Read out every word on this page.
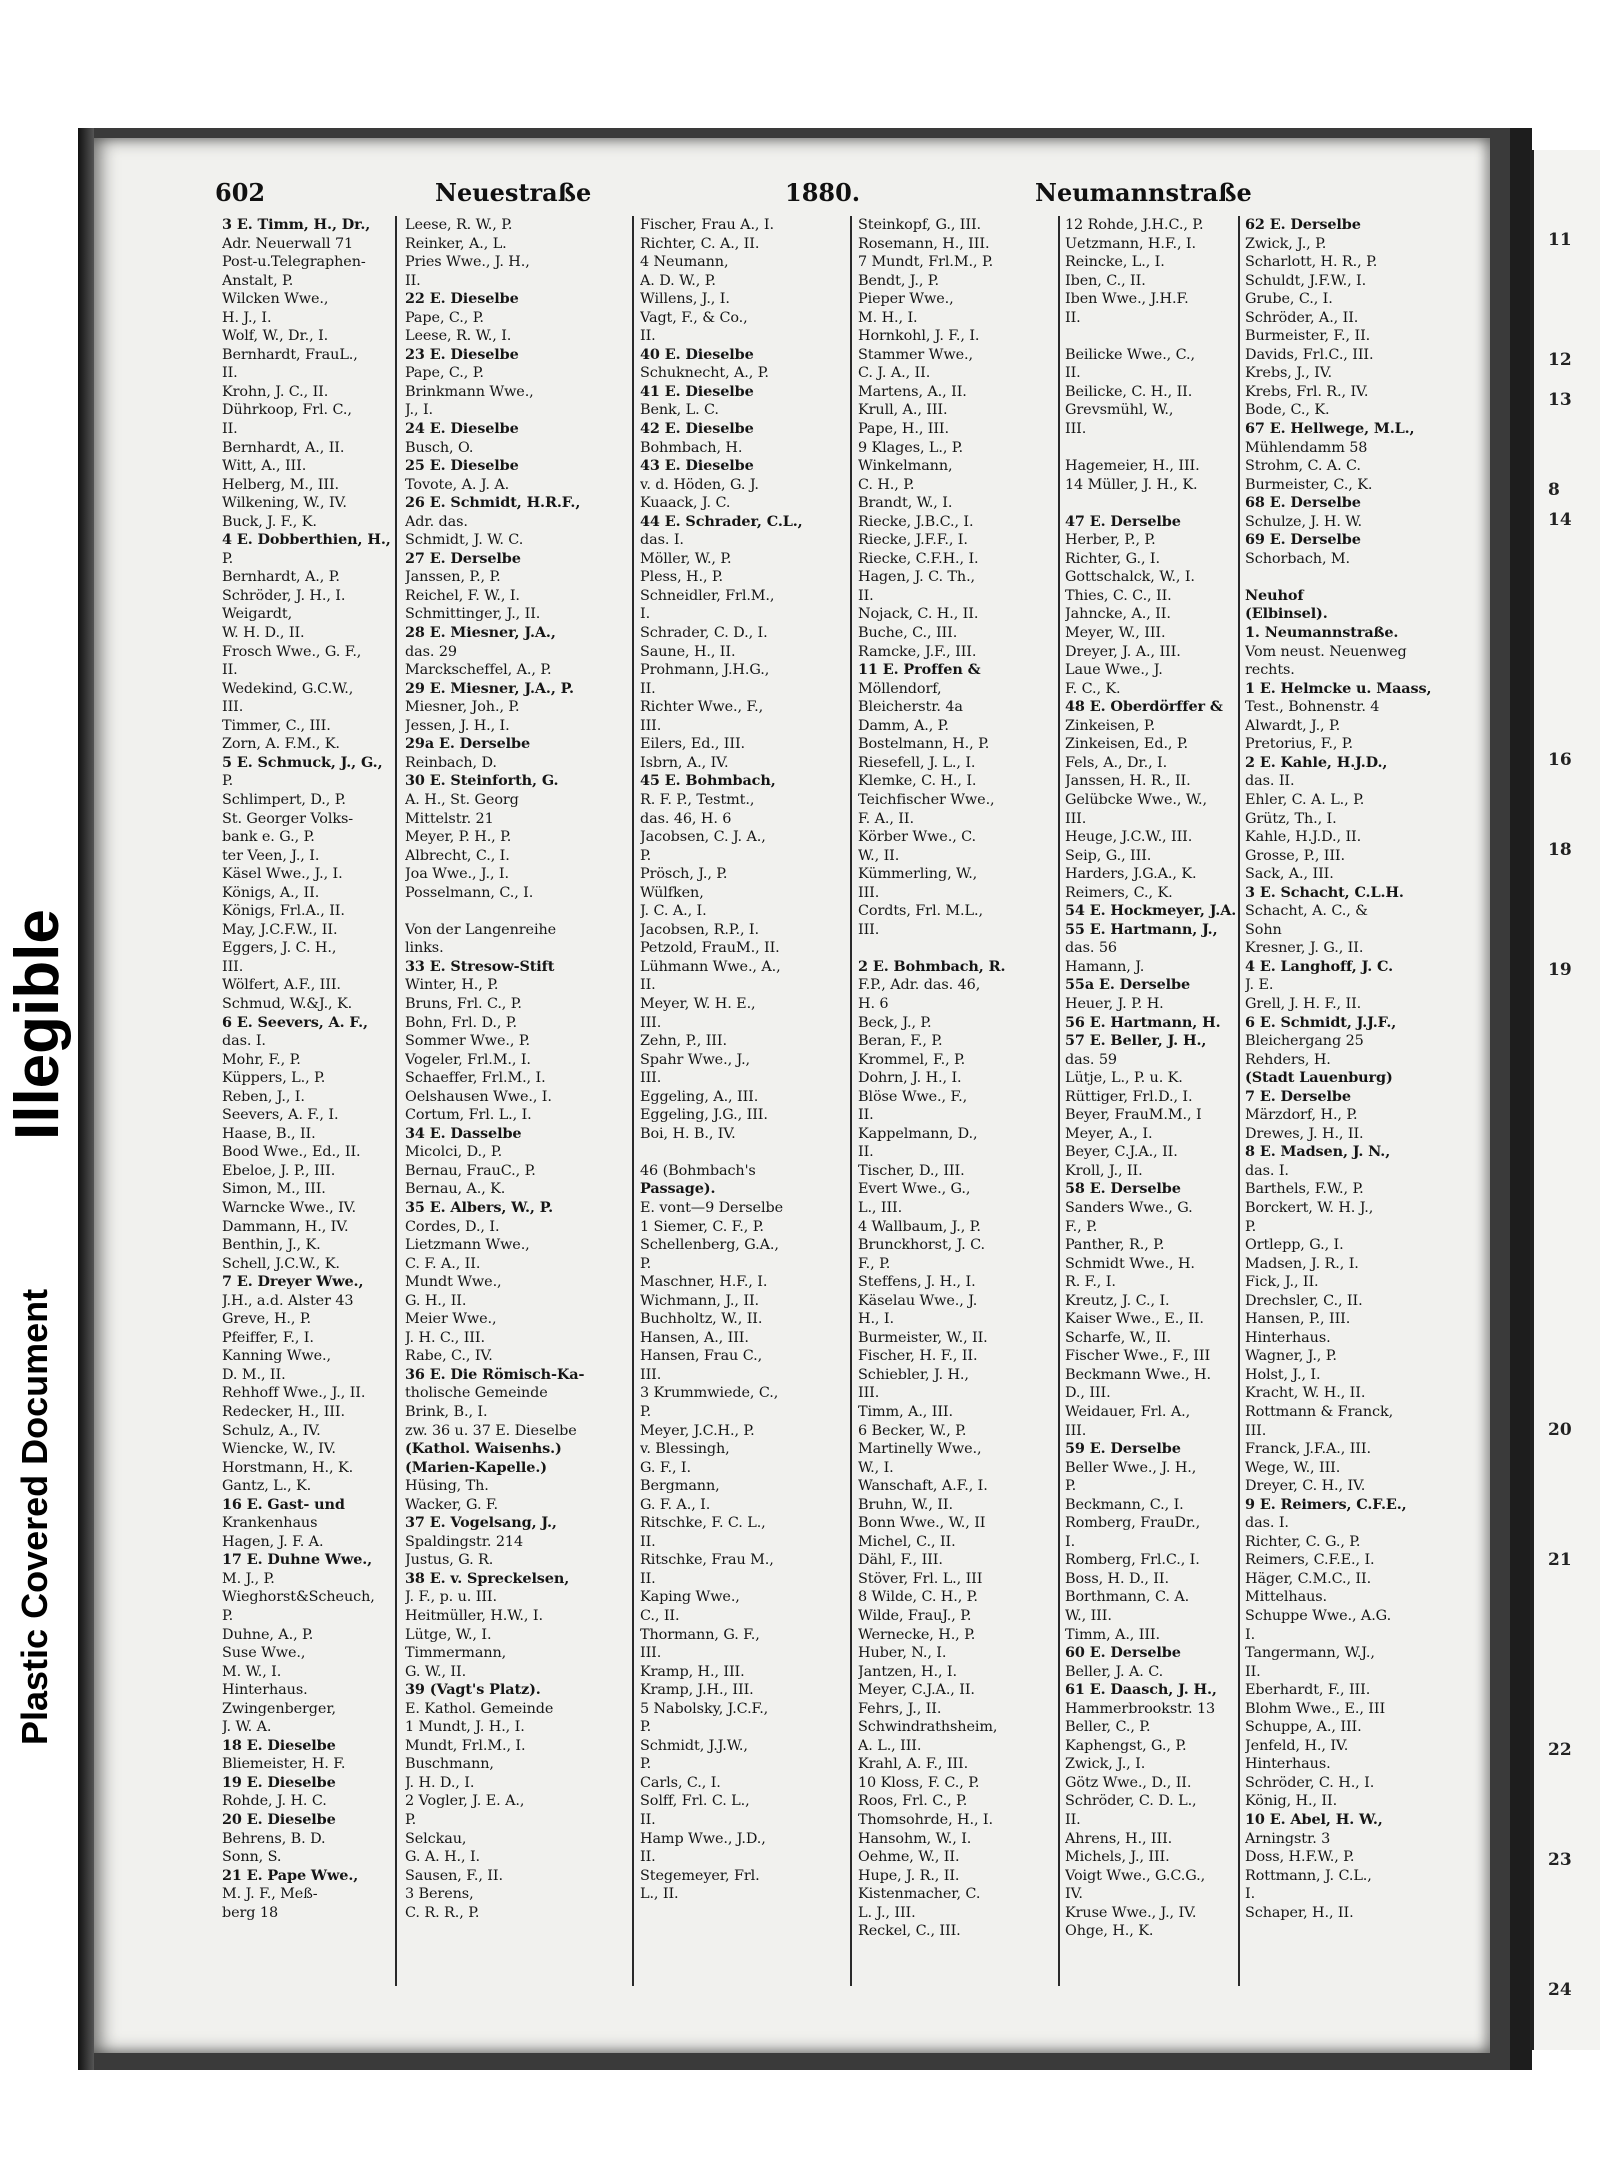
Illegible
Plastic Covered Document
11
12
13
8
14
16
18
19
20
21
22
23
24
602	Neuestraße	1880.	Neumannstraße
3 E. Timm, H., Dr.,
Adr. Neuerwall 71
Post-u.Telegraphen-
Anstalt, P.
Wilcken Wwe.,
H. J., I.
Wolf, W., Dr., I.
Bernhardt, FrauL.,
II.
Krohn, J. C., II.
Dührkoop, Frl. C.,
II.
Bernhardt, A., II.
Witt, A., III.
Helberg, M., III.
Wilkening, W., IV.
Buck, J. F., K.
4 E. Dobberthien, H.,
P.
Bernhardt, A., P.
Schröder, J. H., I.
Weigardt,
W. H. D., II.
Frosch Wwe., G. F.,
II.
Wedekind, G.C.W.,
III.
Timmer, C., III.
Zorn, A. F.M., K.
5 E. Schmuck, J., G.,
P.
Schlimpert, D., P.
St. Georger Volks-
bank e. G., P.
ter Veen, J., I.
Käsel Wwe., J., I.
Königs, A., II.
Königs, Frl.A., II.
May, J.C.F.W., II.
Eggers, J. C. H.,
III.
Wölfert, A.F., III.
Schmud, W.&J., K.
6 E. Seevers, A. F.,
das. I.
Mohr, F., P.
Küppers, L., P.
Reben, J., I.
Seevers, A. F., I.
Haase, B., II.
Bood Wwe., Ed., II.
Ebeloe, J. P., III.
Simon, M., III.
Warncke Wwe., IV.
Dammann, H., IV.
Benthin, J., K.
Schell, J.C.W., K.
7 E. Dreyer Wwe.,
J.H., a.d. Alster 43
Greve, H., P.
Pfeiffer, F., I.
Kanning Wwe.,
D. M., II.
Rehhoff Wwe., J., II.
Redecker, H., III.
Schulz, A., IV.
Wiencke, W., IV.
Horstmann, H., K.
Gantz, L., K.
16 E. Gast- und
Krankenhaus
Hagen, J. F. A.
17 E. Duhne Wwe.,
M. J., P.
Wieghorst&Scheuch,
P.
Duhne, A., P.
Suse Wwe.,
M. W., I.
Hinterhaus.
Zwingenberger,
J. W. A.
18 E. Dieselbe
Bliemeister, H. F.
19 E. Dieselbe
Rohde, J. H. C.
20 E. Dieselbe
Behrens, B. D.
Sonn, S.
21 E. Pape Wwe.,
M. J. F., Meß-
berg 18
Leese, R. W., P.
Reinker, A., L.
Pries Wwe., J. H.,
II.
22 E. Dieselbe
Pape, C., P.
Leese, R. W., I.
23 E. Dieselbe
Pape, C., P.
Brinkmann Wwe.,
J., I.
24 E. Dieselbe
Busch, O.
25 E. Dieselbe
Tovote, A. J. A.
26 E. Schmidt, H.R.F.,
Adr. das.
Schmidt, J. W. C.
27 E. Derselbe
Janssen, P., P.
Reichel, F. W., I.
Schmittinger, J., II.
28 E. Miesner, J.A.,
das. 29
Marckscheffel, A., P.
29 E. Miesner, J.A., P.
Miesner, Joh., P.
Jessen, J. H., I.
29a E. Derselbe
Reinbach, D.
30 E. Steinforth, G.
A. H., St. Georg
Mittelstr. 21
Meyer, P. H., P.
Albrecht, C., I.
Joa Wwe., J., I.
Posselmann, C., I.
Von der Langenreihe
links.
33 E. Stresow-Stift
Winter, H., P.
Bruns, Frl. C., P.
Bohn, Frl. D., P.
Sommer Wwe., P.
Vogeler, Frl.M., I.
Schaeffer, Frl.M., I.
Oelshausen Wwe., I.
Cortum, Frl. L., I.
34 E. Dasselbe
Micolci, D., P.
Bernau, FrauC., P.
Bernau, A., K.
35 E. Albers, W., P.
Cordes, D., I.
Lietzmann Wwe.,
C. F. A., II.
Mundt Wwe.,
G. H., II.
Meier Wwe.,
J. H. C., III.
Rabe, C., IV.
36 E. Die Römisch-Ka-
tholische Gemeinde
Brink, B., I.
zw. 36 u. 37 E. Dieselbe
(Kathol. Waisenhs.)
(Marien-Kapelle.)
Hüsing, Th.
Wacker, G. F.
37 E. Vogelsang, J.,
Spaldingstr. 214
Justus, G. R.
38 E. v. Spreckelsen,
J. F., p. u. III.
Heitmüller, H.W., I.
Lütge, W., I.
Timmermann,
G. W., II.
39 (Vagt's Platz).
E. Kathol. Gemeinde
1 Mundt, J. H., I.
Mundt, Frl.M., I.
Buschmann,
J. H. D., I.
2 Vogler, J. E. A.,
P.
Selckau,
G. A. H., I.
Sausen, F., II.
3 Berens,
C. R. R., P.
Fischer, Frau A., I.
Richter, C. A., II.
4 Neumann,
A. D. W., P.
Willens, J., I.
Vagt, F., & Co.,
II.
40 E. Dieselbe
Schuknecht, A., P.
41 E. Dieselbe
Benk, L. C.
42 E. Dieselbe
Bohmbach, H.
43 E. Dieselbe
v. d. Höden, G. J.
Kuaack, J. C.
44 E. Schrader, C.L.,
das. I.
Möller, W., P.
Pless, H., P.
Schneidler, Frl.M.,
I.
Schrader, C. D., I.
Saune, H., II.
Prohmann, J.H.G.,
II.
Richter Wwe., F.,
III.
Eilers, Ed., III.
Isbrn, A., IV.
45 E. Bohmbach,
R. F. P., Testmt.,
das. 46, H. 6
Jacobsen, C. J. A.,
P.
Prösch, J., P.
Wülfken,
J. C. A., I.
Jacobsen, R.P., I.
Petzold, FrauM., II.
Lühmann Wwe., A.,
II.
Meyer, W. H. E.,
III.
Zehn, P., III.
Spahr Wwe., J.,
III.
Eggeling, A., III.
Eggeling, J.G., III.
Boi, H. B., IV.
46 (Bohmbach's
Passage).
E. vont—9 Derselbe
1 Siemer, C. F., P.
Schellenberg, G.A.,
P.
Maschner, H.F., I.
Wichmann, J., II.
Buchholtz, W., II.
Hansen, A., III.
Hansen, Frau C.,
III.
3 Krummwiede, C.,
P.
Meyer, J.C.H., P.
v. Blessingh,
G. F., I.
Bergmann,
G. F. A., I.
Ritschke, F. C. L.,
II.
Ritschke, Frau M.,
II.
Kaping Wwe.,
C., II.
Thormann, G. F.,
III.
Kramp, H., III.
Kramp, J.H., III.
5 Nabolsky, J.C.F.,
P.
Schmidt, J.J.W.,
P.
Carls, C., I.
Solff, Frl. C. L.,
II.
Hamp Wwe., J.D.,
II.
Stegemeyer, Frl.
L., II.
Steinkopf, G., III.
Rosemann, H., III.
7 Mundt, Frl.M., P.
Bendt, J., P.
Pieper Wwe.,
M. H., I.
Hornkohl, J. F., I.
Stammer Wwe.,
C. J. A., II.
Martens, A., II.
Krull, A., III.
Pape, H., III.
9 Klages, L., P.
Winkelmann,
C. H., P.
Brandt, W., I.
Riecke, J.B.C., I.
Riecke, J.F.F., I.
Riecke, C.F.H., I.
Hagen, J. C. Th.,
II.
Nojack, C. H., II.
Buche, C., III.
Ramcke, J.F., III.
11 E. Proffen &
Möllendorf,
Bleicherstr. 4a
Damm, A., P.
Bostelmann, H., P.
Riesefell, J. L., I.
Klemke, C. H., I.
Teichfischer Wwe.,
F. A., II.
Körber Wwe., C.
W., II.
Kümmerling, W.,
III.
Cordts, Frl. M.L.,
III.
2 E. Bohmbach, R.
F.P., Adr. das. 46,
H. 6
Beck, J., P.
Beran, F., P.
Krommel, F., P.
Dohrn, J. H., I.
Blöse Wwe., F.,
II.
Kappelmann, D.,
II.
Tischer, D., III.
Evert Wwe., G.,
L., III.
4 Wallbaum, J., P.
Brunckhorst, J. C.
F., P.
Steffens, J. H., I.
Käselau Wwe., J.
H., I.
Burmeister, W., II.
Fischer, H. F., II.
Schiebler, J. H.,
III.
Timm, A., III.
6 Becker, W., P.
Martinelly Wwe.,
W., I.
Wanschaft, A.F., I.
Bruhn, W., II.
Bonn Wwe., W., II
Michel, C., II.
Dähl, F., III.
Stöver, Frl. L., III
8 Wilde, C. H., P.
Wilde, FrauJ., P.
Wernecke, H., P.
Huber, N., I.
Jantzen, H., I.
Meyer, C.J.A., II.
Fehrs, J., II.
Schwindrathsheim,
A. L., III.
Krahl, A. F., III.
10 Kloss, F. C., P.
Roos, Frl. C., P.
Thomsohrde, H., I.
Hansohm, W., I.
Oehme, W., II.
Hupe, J. R., II.
Kistenmacher, C.
L. J., III.
Reckel, C., III.
12 Rohde, J.H.C., P.
Uetzmann, H.F., I.
Reincke, L., I.
Iben, C., II.
Iben Wwe., J.H.F.
II.
Beilicke Wwe., C.,
II.
Beilicke, C. H., II.
Grevsmühl, W.,
III.
Hagemeier, H., III.
14 Müller, J. H., K.
47 E. Derselbe
Herber, P., P.
Richter, G., I.
Gottschalck, W., I.
Thies, C. C., II.
Jahncke, A., II.
Meyer, W., III.
Dreyer, J. A., III.
Laue Wwe., J.
F. C., K.
48 E. Oberdörffer &
Zinkeisen, P.
Zinkeisen, Ed., P.
Fels, A., Dr., I.
Janssen, H. R., II.
Gelübcke Wwe., W.,
III.
Heuge, J.C.W., III.
Seip, G., III.
Harders, J.G.A., K.
Reimers, C., K.
54 E. Hockmeyer, J.A.
55 E. Hartmann, J.,
das. 56
Hamann, J.
55a E. Derselbe
Heuer, J. P. H.
56 E. Hartmann, H.
57 E. Beller, J. H.,
das. 59
Lütje, L., P. u. K.
Rüttiger, Frl.D., I.
Beyer, FrauM.M., I
Meyer, A., I.
Beyer, C.J.A., II.
Kroll, J., II.
58 E. Derselbe
Sanders Wwe., G.
F., P.
Panther, R., P.
Schmidt Wwe., H.
R. F., I.
Kreutz, J. C., I.
Kaiser Wwe., E., II.
Scharfe, W., II.
Fischer Wwe., F., III
Beckmann Wwe., H.
D., III.
Weidauer, Frl. A.,
III.
59 E. Derselbe
Beller Wwe., J. H.,
P.
Beckmann, C., I.
Romberg, FrauDr.,
I.
Romberg, Frl.C., I.
Boss, H. D., II.
Borthmann, C. A.
W., III.
Timm, A., III.
60 E. Derselbe
Beller, J. A. C.
61 E. Daasch, J. H.,
Hammerbrookstr. 13
Beller, C., P.
Kaphengst, G., P.
Zwick, J., I.
Götz Wwe., D., II.
Schröder, C. D. L.,
II.
Ahrens, H., III.
Michels, J., III.
Voigt Wwe., G.C.G.,
IV.
Kruse Wwe., J., IV.
Ohge, H., K.
62 E. Derselbe
Zwick, J., P.
Scharlott, H. R., P.
Schuldt, J.F.W., I.
Grube, C., I.
Schröder, A., II.
Burmeister, F., II.
Davids, Frl.C., III.
Krebs, J., IV.
Krebs, Frl. R., IV.
Bode, C., K.
67 E. Hellwege, M.L.,
Mühlendamm 58
Strohm, C. A. C.
Burmeister, C., K.
68 E. Derselbe
Schulze, J. H. W.
69 E. Derselbe
Schorbach, M.
Neuhof
(Elbinsel).
1. Neumannstraße.
Vom neust. Neuenweg
rechts.
1 E. Helmcke u. Maass,
Test., Bohnenstr. 4
Alwardt, J., P.
Pretorius, F., P.
2 E. Kahle, H.J.D.,
das. II.
Ehler, C. A. L., P.
Grütz, Th., I.
Kahle, H.J.D., II.
Grosse, P., III.
Sack, A., III.
3 E. Schacht, C.L.H.
Schacht, A. C., &
Sohn
Kresner, J. G., II.
4 E. Langhoff, J. C.
J. E.
Grell, J. H. F., II.
6 E. Schmidt, J.J.F.,
Bleichergang 25
Rehders, H.
(Stadt Lauenburg)
7 E. Derselbe
Märzdorf, H., P.
Drewes, J. H., II.
8 E. Madsen, J. N.,
das. I.
Barthels, F.W., P.
Borckert, W. H. J.,
P.
Ortlepp, G., I.
Madsen, J. R., I.
Fick, J., II.
Drechsler, C., II.
Hansen, P., III.
Hinterhaus.
Wagner, J., P.
Holst, J., I.
Kracht, W. H., II.
Rottmann & Franck,
III.
Franck, J.F.A., III.
Wege, W., III.
Dreyer, C. H., IV.
9 E. Reimers, C.F.E.,
das. I.
Richter, C. G., P.
Reimers, C.F.E., I.
Häger, C.M.C., II.
Mittelhaus.
Schuppe Wwe., A.G.
I.
Tangermann, W.J.,
II.
Eberhardt, F., III.
Blohm Wwe., E., III
Schuppe, A., III.
Jenfeld, H., IV.
Hinterhaus.
Schröder, C. H., I.
König, H., II.
10 E. Abel, H. W.,
Arningstr. 3
Doss, H.F.W., P.
Rottmann, J. C.L.,
I.
Schaper, H., II.
